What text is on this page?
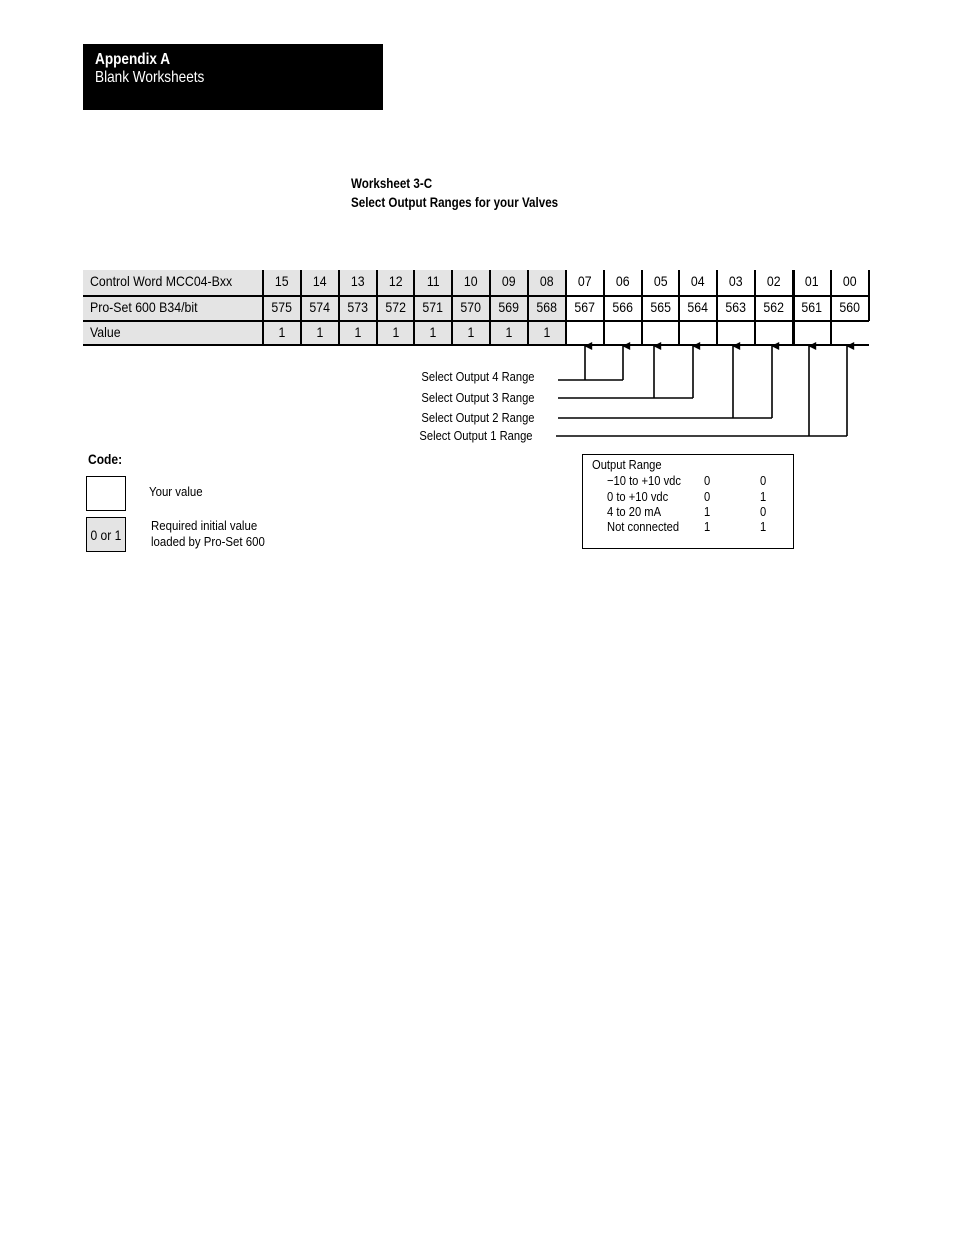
Appendix A
Blank Worksheets
Worksheet 3-C
Select Output Ranges for your Valves
Control Word MCC04-Bxx	15	14	13	12	11	10	09	08	07	06	05	04	03	02	01	00
Pro-Set 600 B34/bit	575	574	573	572	571	570	569	568	567	566	565	564	563	562	561	560
Value	1	1	1	1	1	1	1	1
Select Output 4 Range
Select Output 3 Range
Select Output 2 Range
Select Output 1 Range
Code:
Your value
0 or 1
Required initial value
loaded by Pro-Set 600
Output Range
−10 to +10 vdc 0	0
0 to +10 vdc	0	1
4 to 20 mA	1	0
Not connected 1	1
